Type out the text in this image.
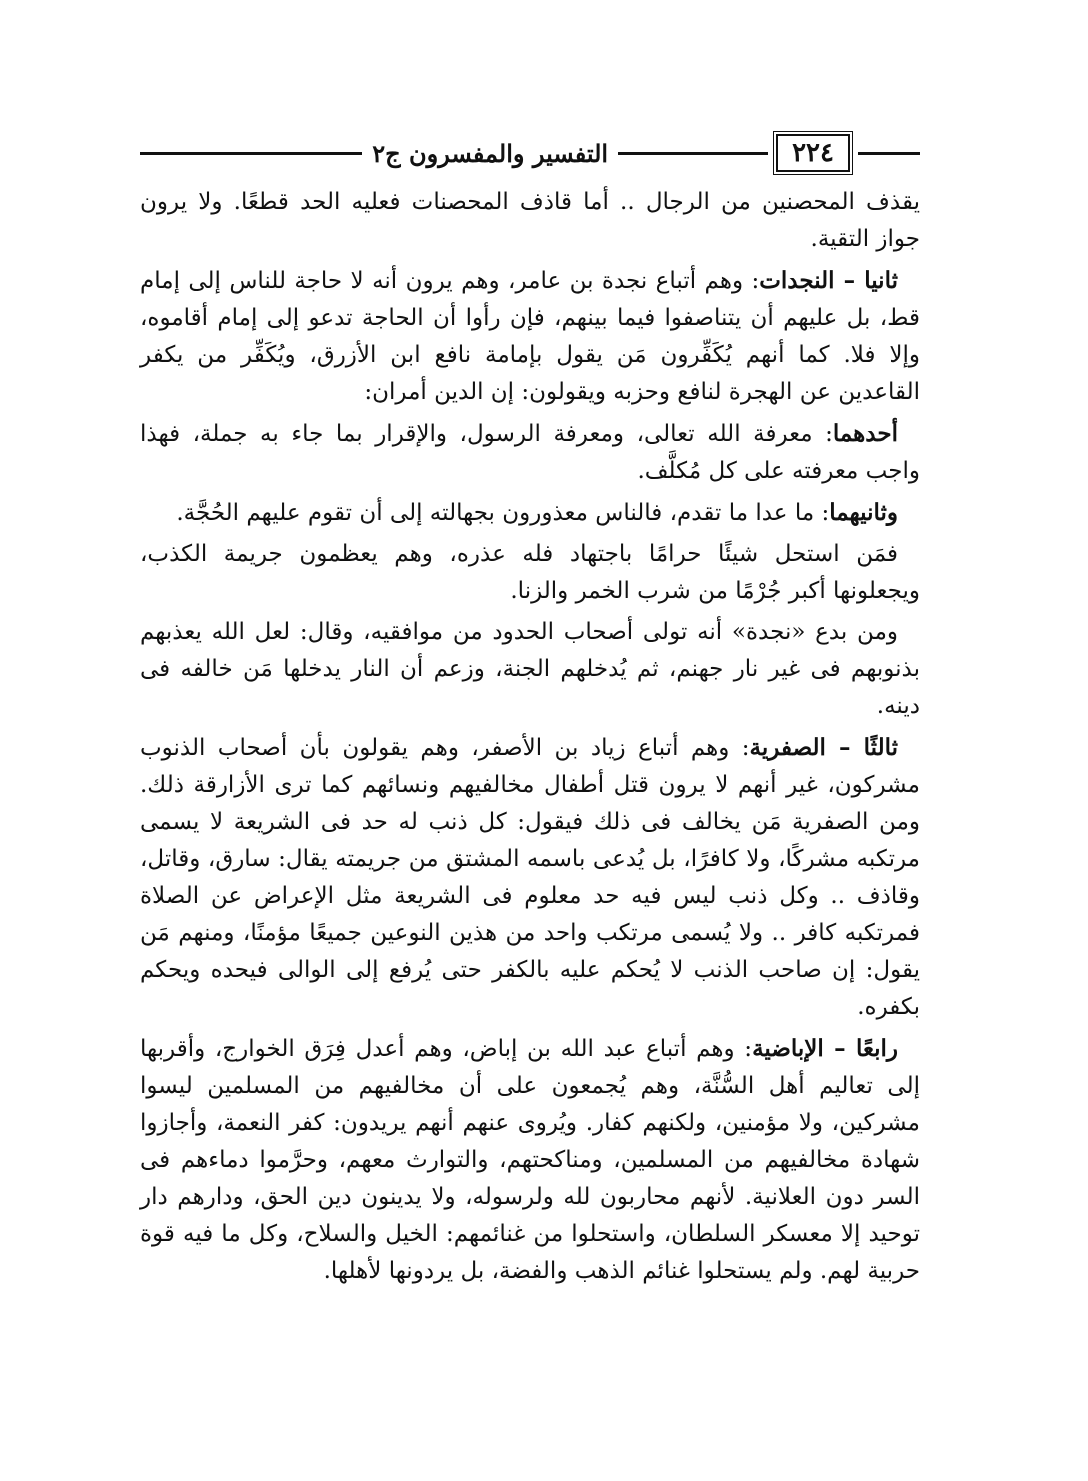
٢٢٤
التفسير والمفسرون ج٢

يقذف المحصنين من الرجال .. أما قاذف المحصنات فعليه الحد قطعًا. ولا يرون جواز التقية.

ثانيا – النجدات: وهم أتباع نجدة بن عامر، وهم يرون أنه لا حاجة للناس إلى إمام قط، بل عليهم أن يتناصفوا فيما بينهم، فإن رأوا أن الحاجة تدعو إلى إمام أقاموه، وإلا فلا. كما أنهم يُكَفِّرون مَن يقول بإمامة نافع ابن الأزرق، ويُكَفِّر من يكفر القاعدين عن الهجرة لنافع وحزبه ويقولون: إن الدين أمران:

أحدهما: معرفة الله تعالى، ومعرفة الرسول، والإقرار بما جاء به جملة، فهذا واجب معرفته على كل مُكلَّف.

وثانيهما: ما عدا ما تقدم، فالناس معذورون بجهالته إلى أن تقوم عليهم الحُجَّة.

فمَن استحل شيئًا حرامًا باجتهاد فله عذره، وهم يعظمون جريمة الكذب، ويجعلونها أكبر جُرْمًا من شرب الخمر والزنا.

ومن بدع «نجدة» أنه تولى أصحاب الحدود من موافقيه، وقال: لعل الله يعذبهم بذنوبهم فى غير نار جهنم، ثم يُدخلهم الجنة، وزعم أن النار يدخلها مَن خالفه فى دينه.

ثالثًا – الصفرية: وهم أتباع زياد بن الأصفر، وهم يقولون بأن أصحاب الذنوب مشركون، غير أنهم لا يرون قتل أطفال مخالفيهم ونسائهم كما ترى الأزارقة ذلك. ومن الصفرية مَن يخالف فى ذلك فيقول: كل ذنب له حد فى الشريعة لا يسمى مرتكبه مشركًا، ولا كافرًا، بل يُدعى باسمه المشتق من جريمته يقال: سارق، وقاتل، وقاذف .. وكل ذنب ليس فيه حد معلوم فى الشريعة مثل الإعراض عن الصلاة فمرتكبه كافر .. ولا يُسمى مرتكب واحد من هذين النوعين جميعًا مؤمنًا، ومنهم مَن يقول: إن صاحب الذنب لا يُحكم عليه بالكفر حتى يُرفع إلى الوالى فيحده ويحكم بكفره.

رابعًا – الإباضية: وهم أتباع عبد الله بن إباض، وهم أعدل فِرَق الخوارج، وأقربها إلى تعاليم أهل السُّنَّة، وهم يُجمعون على أن مخالفيهم من المسلمين ليسوا مشركين، ولا مؤمنين، ولكنهم كفار. ويُروى عنهم أنهم يريدون: كفر النعمة، وأجازوا شهادة مخالفيهم من المسلمين، ومناكحتهم، والتوارث معهم، وحرَّموا دماءهم فى السر دون العلانية. لأنهم محاربون لله ولرسوله، ولا يدينون دين الحق، ودارهم دار توحيد إلا معسكر السلطان، واستحلوا من غنائمهم: الخيل والسلاح، وكل ما فيه قوة حربية لهم. ولم يستحلوا غنائم الذهب والفضة، بل يردونها لأهلها.
